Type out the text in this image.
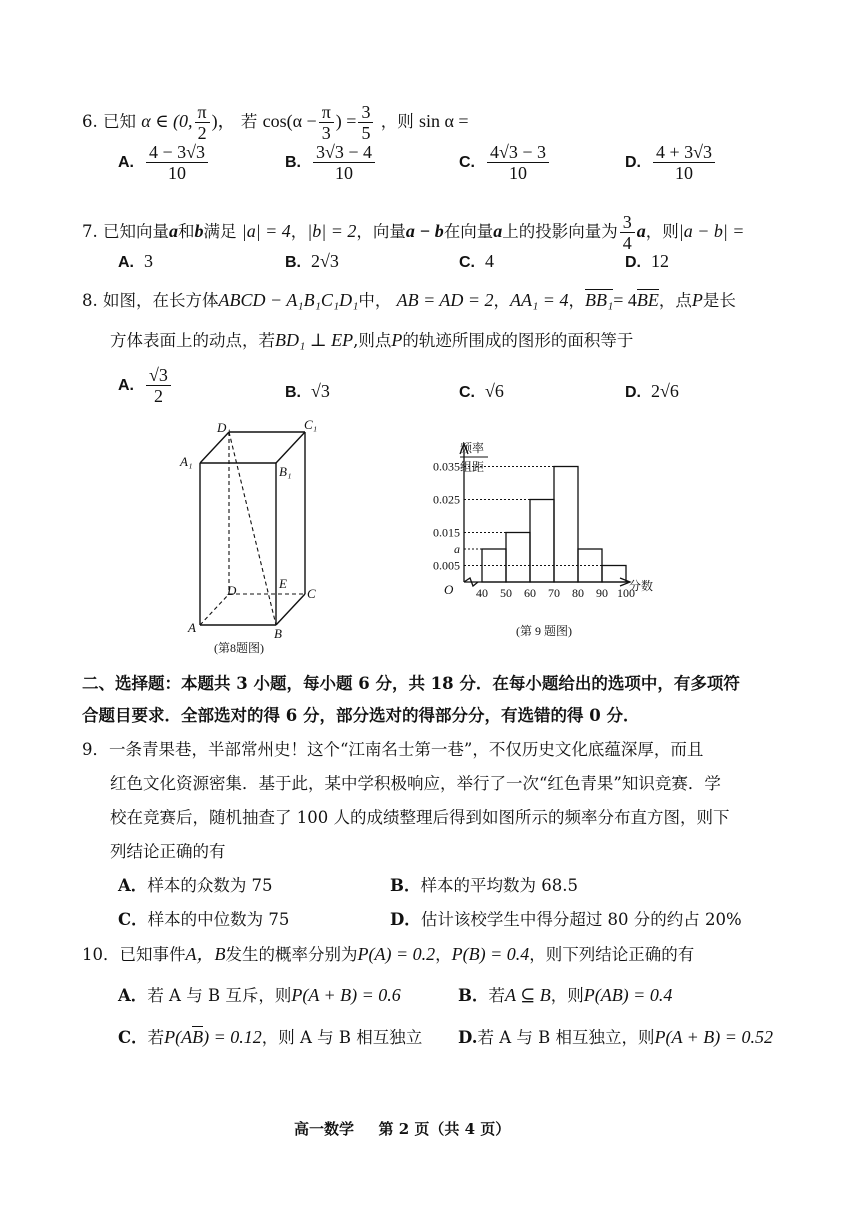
6. 已知 α ∈ (0, $\frac{\pi}{2}$ )， 若 $\cos(\alpha - \frac{\pi}{3}$ ) = $\frac{3}{5}$ ，则 sin α =
A. $\frac{4 - 3√3}{10}$	B. $\frac{3√3 - 4}{10}$	C. $\frac{4√3 - 3}{10}$	D. $\frac{4 + 3√3}{10}$
7. 已知向量a和b满足 |a| = 4，|b| = 2，向量a − b在向量a上的投影向量为 $\frac{3}{4}$ a，则|a − b| =
A. 3	B. 2√3	C. 4	D. 12
8. 如图，在长方体ABCD − A₁B₁C₁D₁中， AB = AD = 2，AA₁ = 4，BB₁= 4BE，点P是长
方体表面上的动点，若BD₁ ⊥ EP,则点P的轨迹所围成的图形的面积等于
A. $\frac{√3}{2}$	B. √3	C. √6	D. 2√6
D₁	C₁
A₁
B₁
D	E
C
A	B
(第8题图)
频率
组距
O	分数
0.035
0.025
0.015
a
0.005
40 50 60 70 80 90 100
(第 9 题图)
二、选择题：本题共 3 小题，每小题 6 分，共 18 分．在每小题给出的选项中，有多项符
合题目要求．全部选对的得 6 分，部分选对的得部分分，有选错的得 0 分．
9．一条青果巷，半部常州史！这个“江南名士第一巷”，不仅历史文化底蕴深厚，而且
红色文化资源密集．基于此，某中学积极响应，举行了一次“红色青果”知识竞赛．学
校在竞赛后，随机抽查了 100 人的成绩整理后得到如图所示的频率分布直方图，则下
列结论正确的有
A．样本的众数为 75	B．样本的平均数为 68.5
C．样本的中位数为 75	D．估计该校学生中得分超过 80 分的约占 20%
10．已知事件A，B发生的概率分别为P(A) = 0.2，P(B) = 0.4，则下列结论正确的有
A．若 A 与 B 互斥，则P(A + B) = 0.6	B．若A ⊆ B，则P(AB) = 0.4
C．若P(AB) = 0.12，则 A 与 B 相互独立 D.若 A 与 B 相互独立，则P(A + B) = 0.52
高一数学 第 2 页（共 4 页）
